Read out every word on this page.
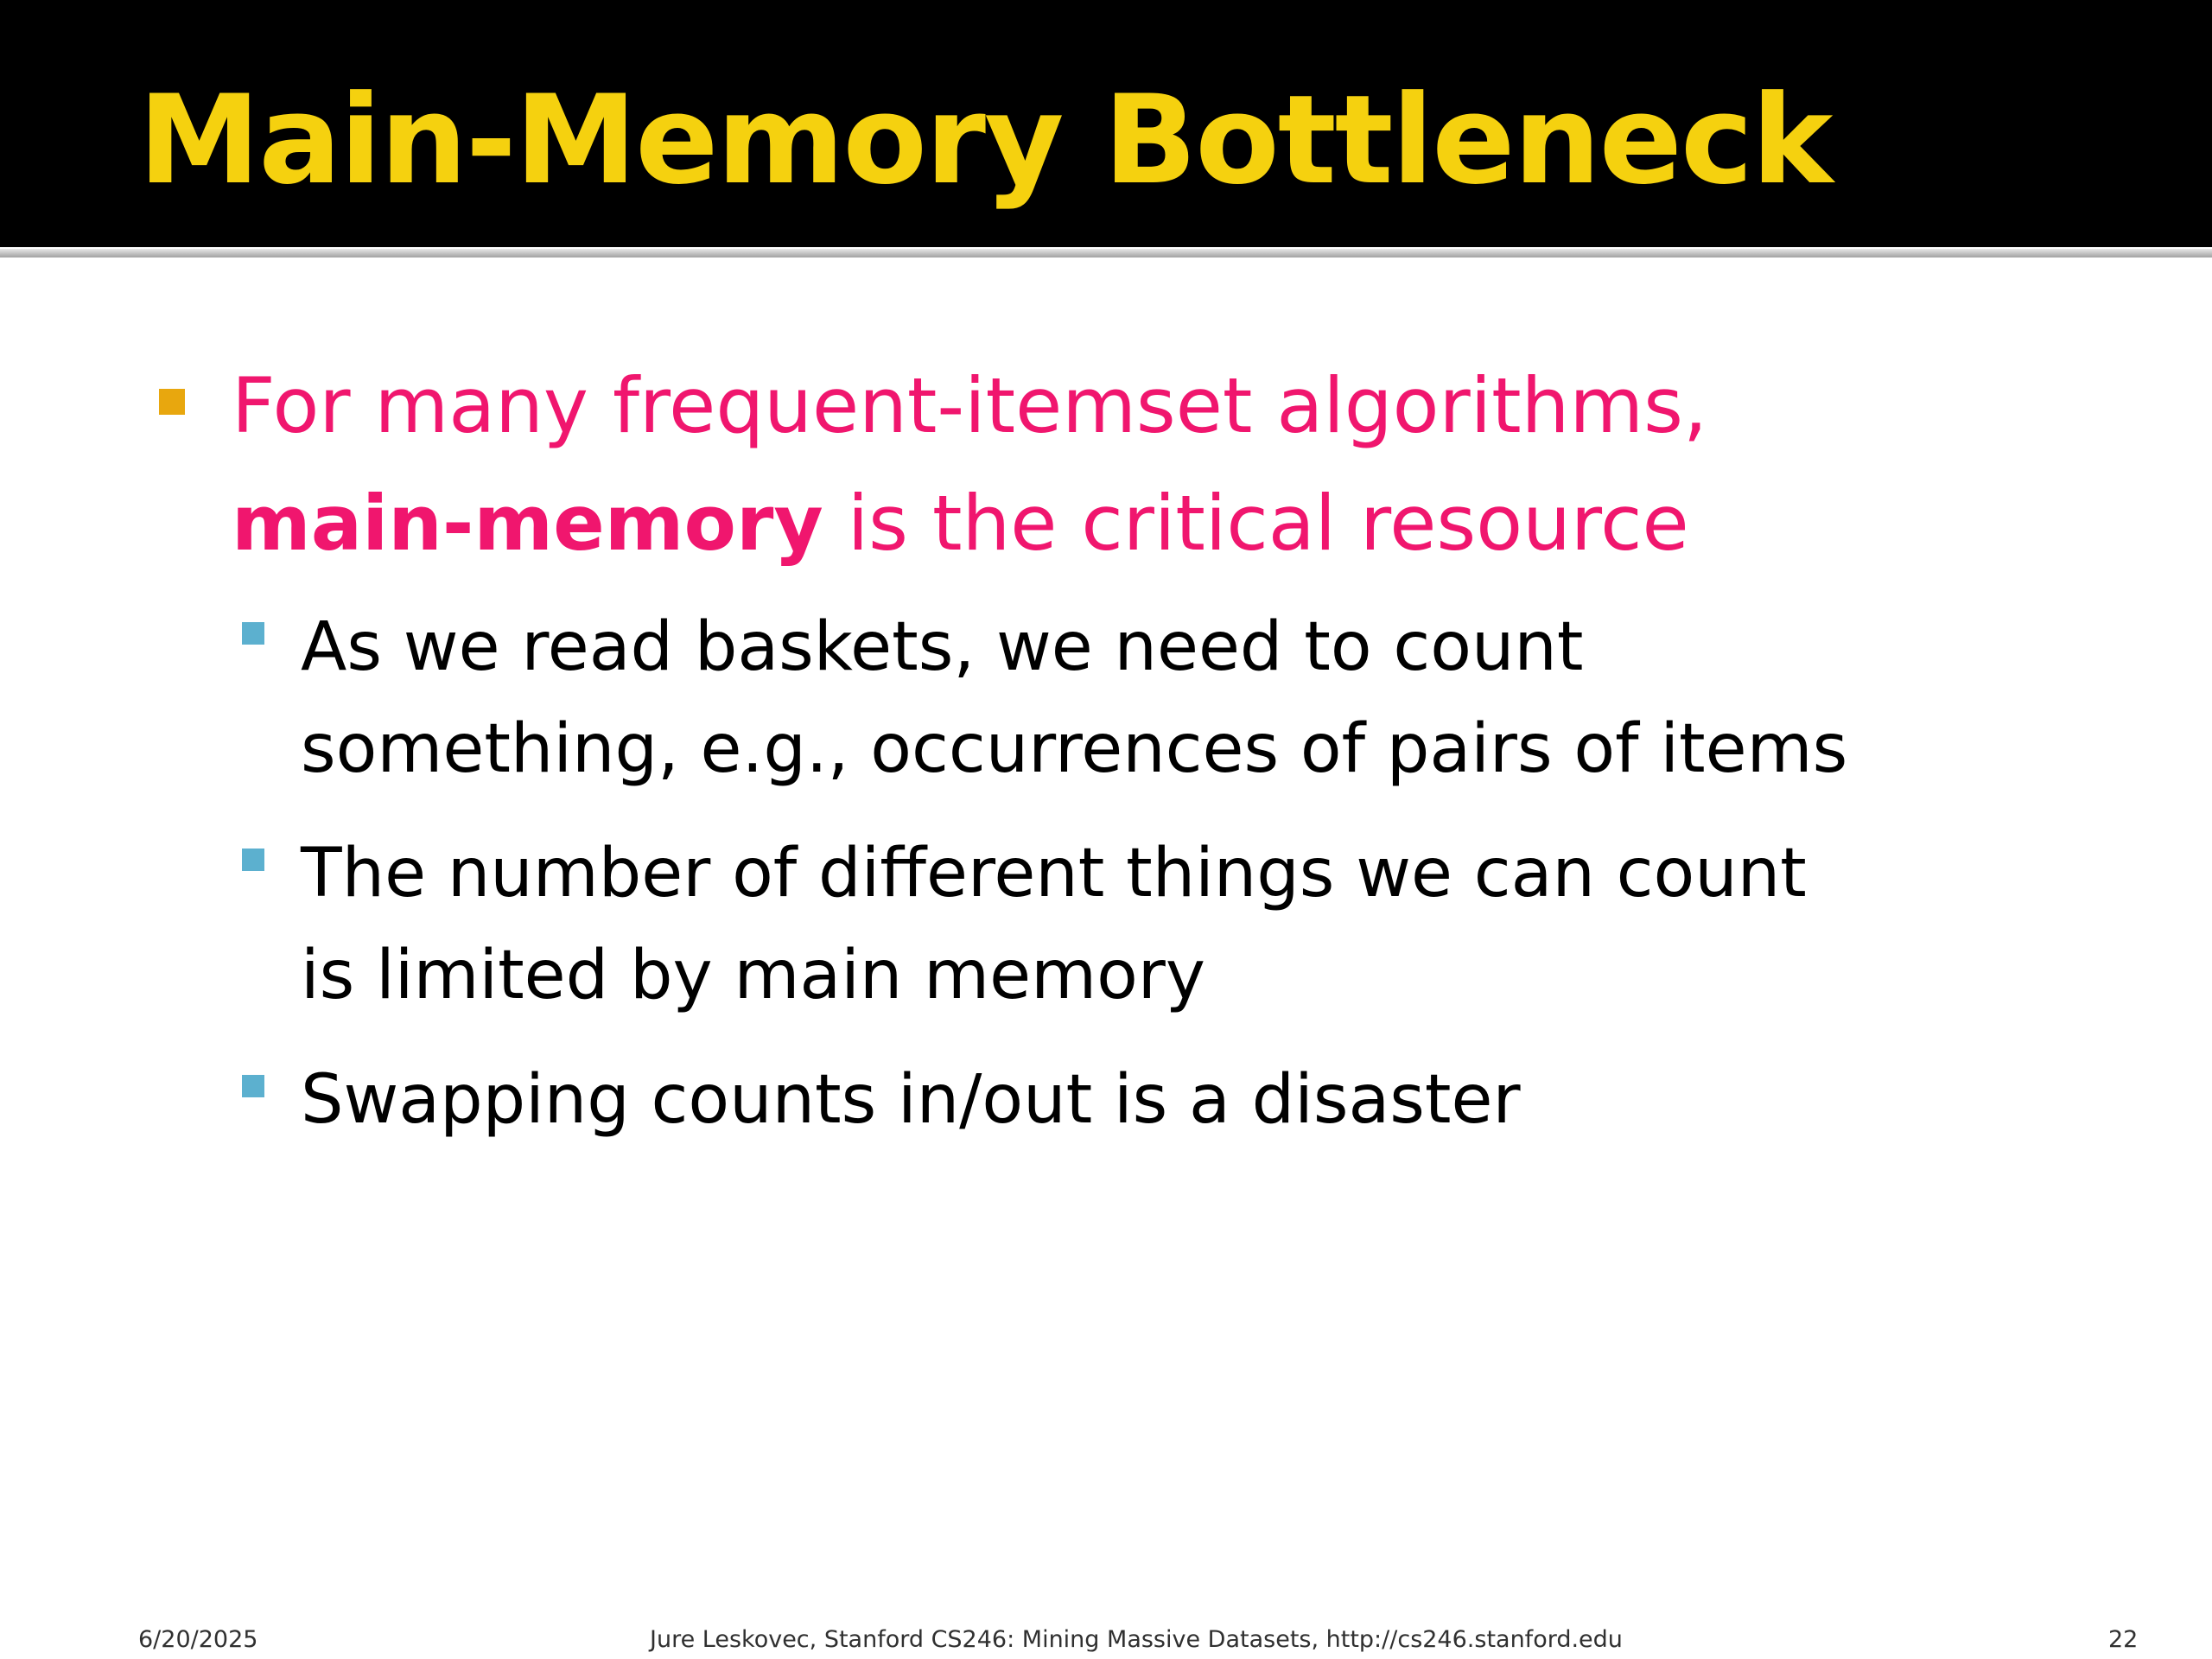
Main-Memory Bottleneck

For many frequent-itemset algorithms,
main-memory is the critical resource

As we read baskets, we need to count
something, e.g., occurrences of pairs of items

The number of different things we can count
is limited by main memory

Swapping counts in/out is a disaster

6/20/2025	Jure Leskovec, Stanford CS246: Mining Massive Datasets, http://cs246.stanford.edu	22
